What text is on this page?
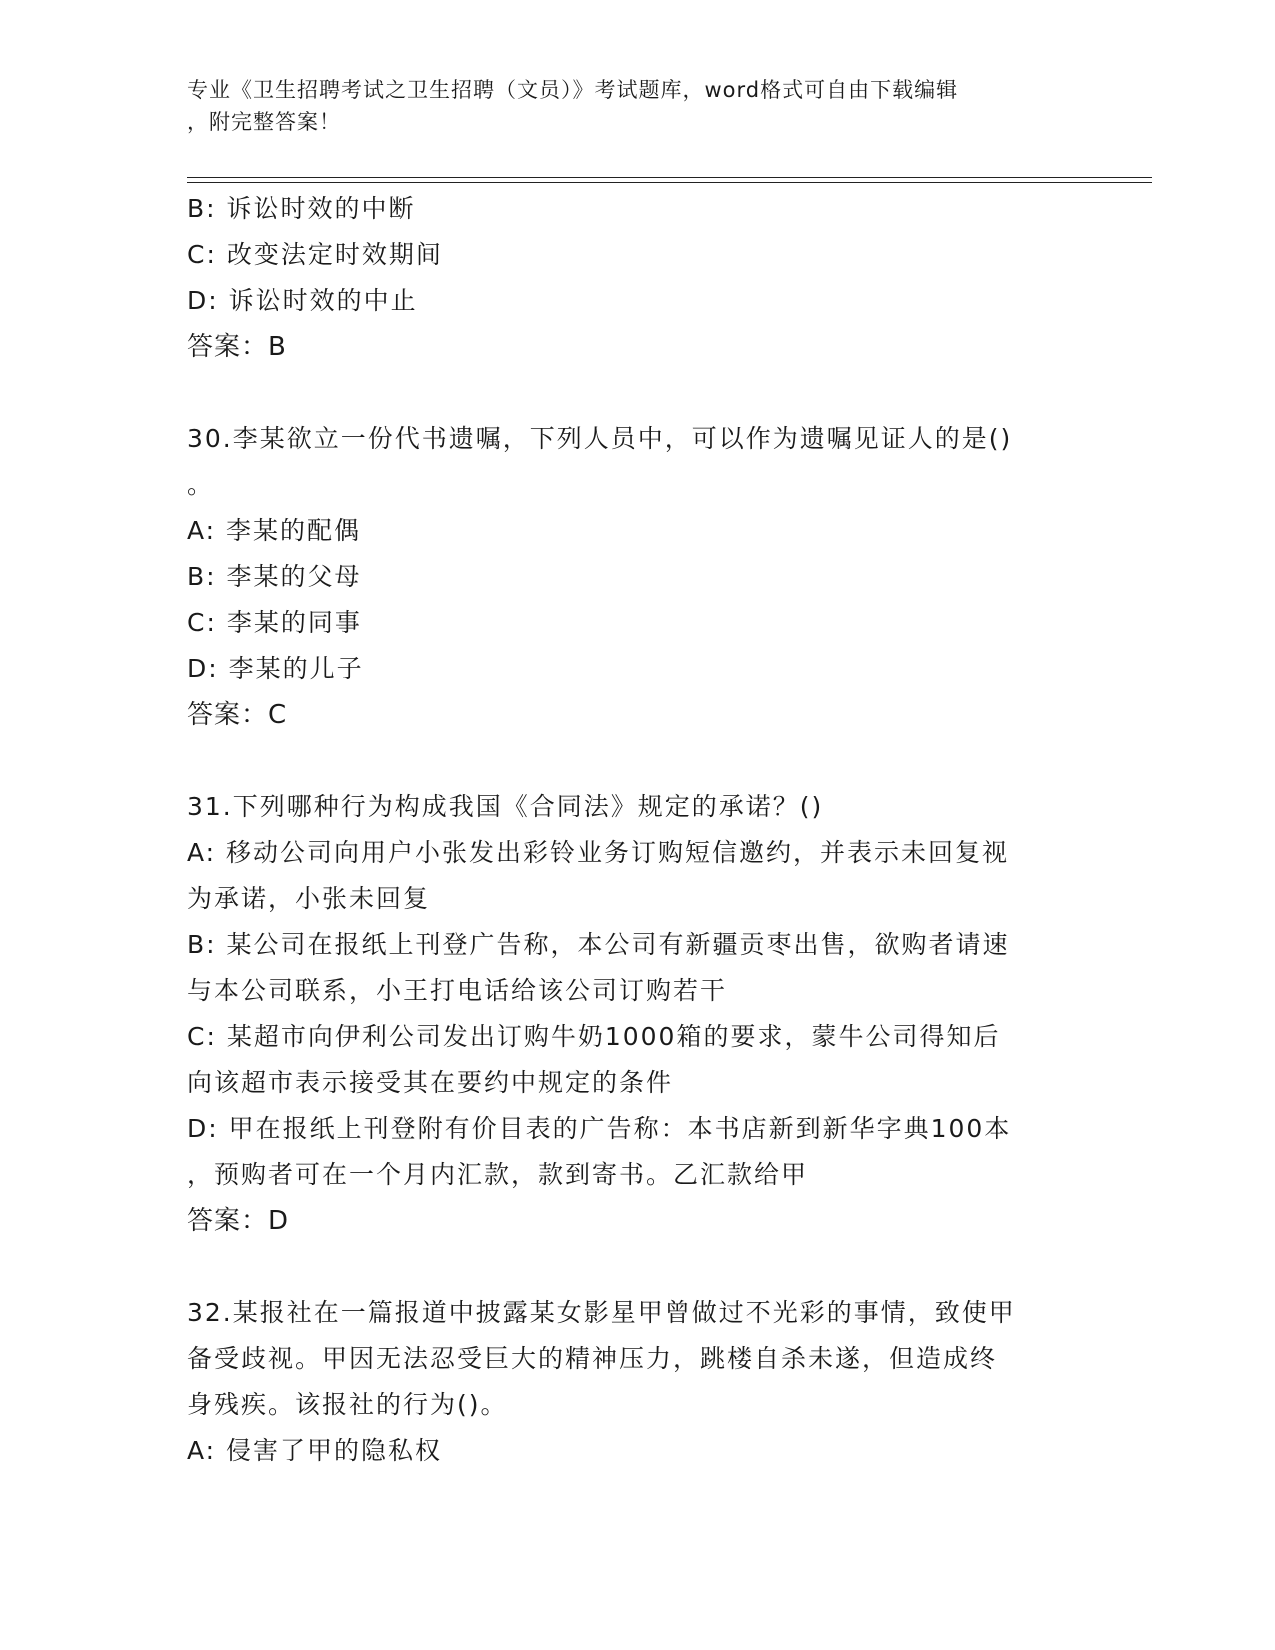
专业《卫生招聘考试之卫生招聘（文员）》考试题库，word格式可自由下载编辑
，附完整答案！
B: 诉讼时效的中断
C: 改变法定时效期间
D: 诉讼时效的中止
答案：B
30.李某欲立一份代书遗嘱，下列人员中，可以作为遗嘱见证人的是()
。
A: 李某的配偶
B: 李某的父母
C: 李某的同事
D: 李某的儿子
答案：C
31.下列哪种行为构成我国《合同法》规定的承诺？()
A: 移动公司向用户小张发出彩铃业务订购短信邀约，并表示未回复视
为承诺，小张未回复
B: 某公司在报纸上刊登广告称，本公司有新疆贡枣出售，欲购者请速
与本公司联系，小王打电话给该公司订购若干
C: 某超市向伊利公司发出订购牛奶1000箱的要求，蒙牛公司得知后
向该超市表示接受其在要约中规定的条件
D: 甲在报纸上刊登附有价目表的广告称：本书店新到新华字典100本
，预购者可在一个月内汇款，款到寄书。乙汇款给甲
答案：D
32.某报社在一篇报道中披露某女影星甲曾做过不光彩的事情，致使甲
备受歧视。甲因无法忍受巨大的精神压力，跳楼自杀未遂，但造成终
身残疾。该报社的行为()。
A: 侵害了甲的隐私权
